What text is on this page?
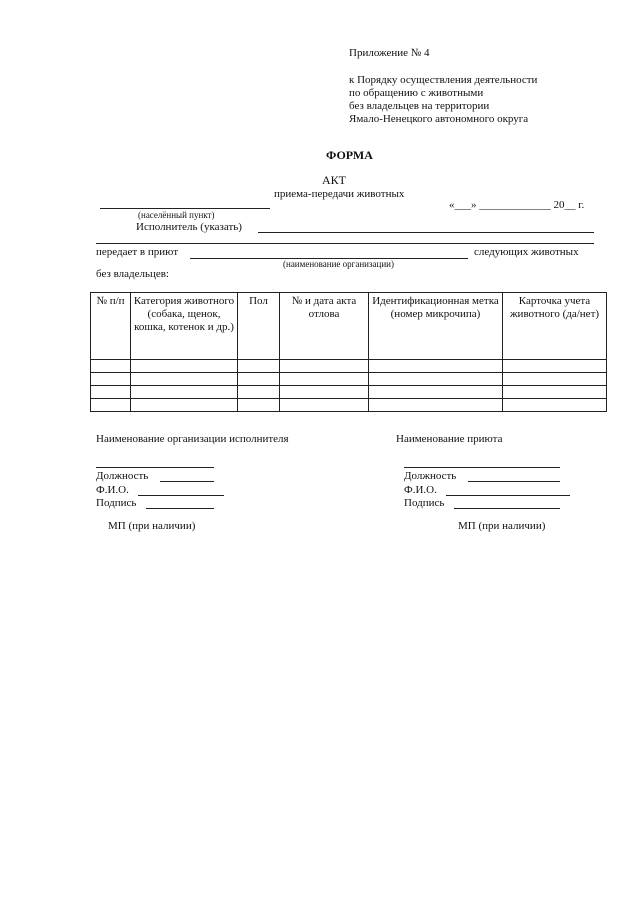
Приложение № 4
к Порядку осуществления деятельности
по обращению с животными
без владельцев на территории
Ямало-Ненецкого автономного округа
ФОРМА
АКТ
приема-передачи животных
(населённый пункт)
«___» _____________ 20__ г.
Исполнитель (указать)
передает в приют	следующих животных
(наименование организации)
без владельцев:
№ п/п	Категория животного (собака, щенок, кошка, котенок и др.)	Пол	№ и дата акта отлова	Идентификационная метка (номер микрочипа)	Карточка учета животного (да/нет)

Наименование организации исполнителя
Должность
Ф.И.О.
Подпись
МП (при наличии)
Наименование приюта
Должность
Ф.И.О.
Подпись
МП (при наличии)
